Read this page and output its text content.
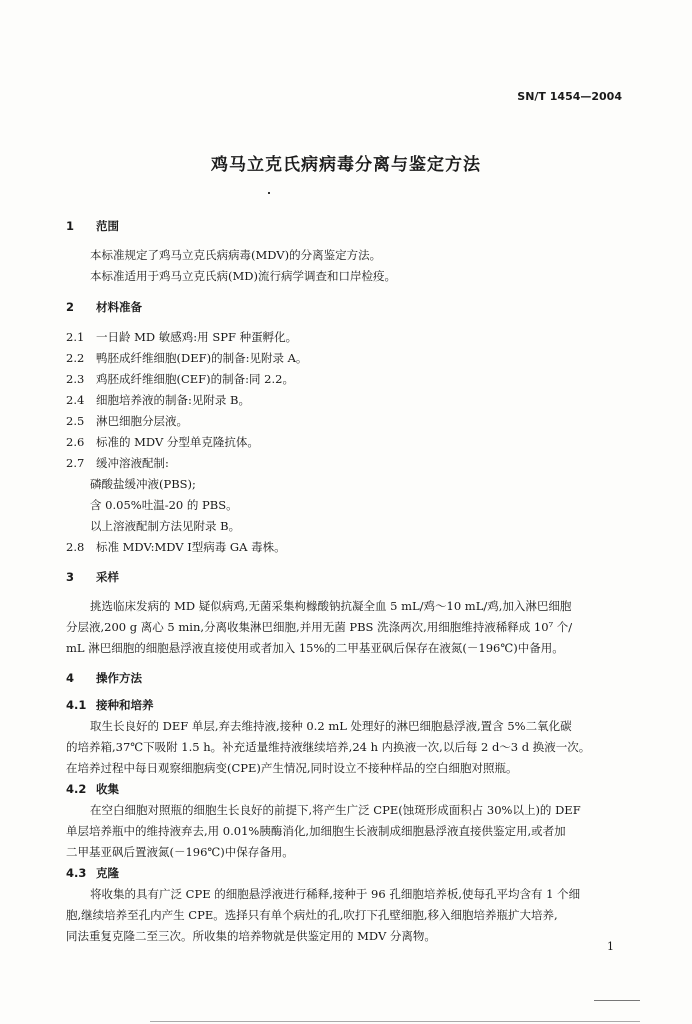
SN/T 1454—2004
鸡马立克氏病病毒分离与鉴定方法
1 范围
本标准规定了鸡马立克氏病病毒(MDV)的分离鉴定方法。
本标准适用于鸡马立克氏病(MD)流行病学调查和口岸检疫。
2 材料准备
2.1 一日龄 MD 敏感鸡:用 SPF 种蛋孵化。
2.2 鸭胚成纤维细胞(DEF)的制备:见附录 A。
2.3 鸡胚成纤维细胞(CEF)的制备:同 2.2。
2.4 细胞培养液的制备:见附录 B。
2.5 淋巴细胞分层液。
2.6 标准的 MDV 分型单克隆抗体。
2.7 缓冲溶液配制:
磷酸盐缓冲液(PBS);
含 0.05%吐温-20 的 PBS。
以上溶液配制方法见附录 B。
2.8 标准 MDV:MDV Ⅰ型病毒 GA 毒株。
3 采样
挑选临床发病的 MD 疑似病鸡,无菌采集枸橼酸钠抗凝全血 5 mL/鸡～10 mL/鸡,加入淋巴细胞
分层液,200 g 离心 5 min,分离收集淋巴细胞,并用无菌 PBS 洗涤两次,用细胞维持液稀释成 10⁷ 个/
mL 淋巴细胞的细胞悬浮液直接使用或者加入 15%的二甲基亚砜后保存在液氮(－196℃)中备用。
4 操作方法
4.1 接种和培养
取生长良好的 DEF 单层,弃去维持液,接种 0.2 mL 处理好的淋巴细胞悬浮液,置含 5%二氧化碳
的培养箱,37℃下吸附 1.5 h。补充适量维持液继续培养,24 h 内换液一次,以后每 2 d～3 d 换液一次。
在培养过程中每日观察细胞病变(CPE)产生情况,同时设立不接种样品的空白细胞对照瓶。
4.2 收集
在空白细胞对照瓶的细胞生长良好的前提下,将产生广泛 CPE(蚀斑形成面积占 30%以上)的 DEF
单层培养瓶中的维持液弃去,用 0.01%胰酶消化,加细胞生长液制成细胞悬浮液直接供鉴定用,或者加
二甲基亚砜后置液氮(－196℃)中保存备用。
4.3 克隆
将收集的具有广泛 CPE 的细胞悬浮液进行稀释,接种于 96 孔细胞培养板,使每孔平均含有 1 个细
胞,继续培养至孔内产生 CPE。选择只有单个病灶的孔,吹打下孔壁细胞,移入细胞培养瓶扩大培养,
同法重复克隆二至三次。所收集的培养物就是供鉴定用的 MDV 分离物。
1
